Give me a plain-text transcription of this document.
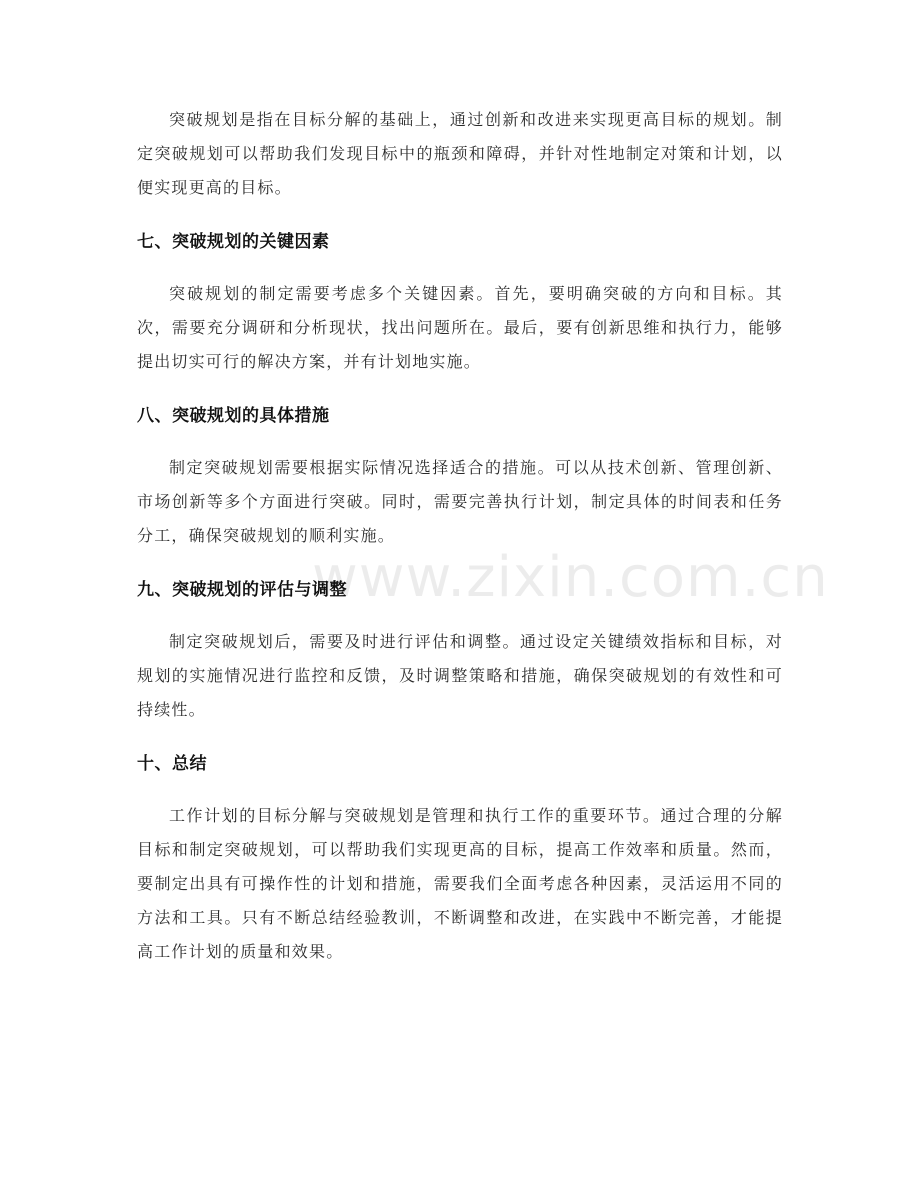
突破规划是指在目标分解的基础上，通过创新和改进来实现更高目标的规划。制定突破规划可以帮助我们发现目标中的瓶颈和障碍，并针对性地制定对策和计划，以便实现更高的目标。

七、突破规划的关键因素

突破规划的制定需要考虑多个关键因素。首先，要明确突破的方向和目标。其次，需要充分调研和分析现状，找出问题所在。最后，要有创新思维和执行力，能够提出切实可行的解决方案，并有计划地实施。

八、突破规划的具体措施

制定突破规划需要根据实际情况选择适合的措施。可以从技术创新、管理创新、市场创新等多个方面进行突破。同时，需要完善执行计划，制定具体的时间表和任务分工，确保突破规划的顺利实施。

九、突破规划的评估与调整

制定突破规划后，需要及时进行评估和调整。通过设定关键绩效指标和目标，对规划的实施情况进行监控和反馈，及时调整策略和措施，确保突破规划的有效性和可持续性。

十、总结

工作计划的目标分解与突破规划是管理和执行工作的重要环节。通过合理的分解目标和制定突破规划，可以帮助我们实现更高的目标，提高工作效率和质量。然而，要制定出具有可操作性的计划和措施，需要我们全面考虑各种因素，灵活运用不同的方法和工具。只有不断总结经验教训，不断调整和改进，在实践中不断完善，才能提高工作计划的质量和效果。

www.zixin.com.cn
